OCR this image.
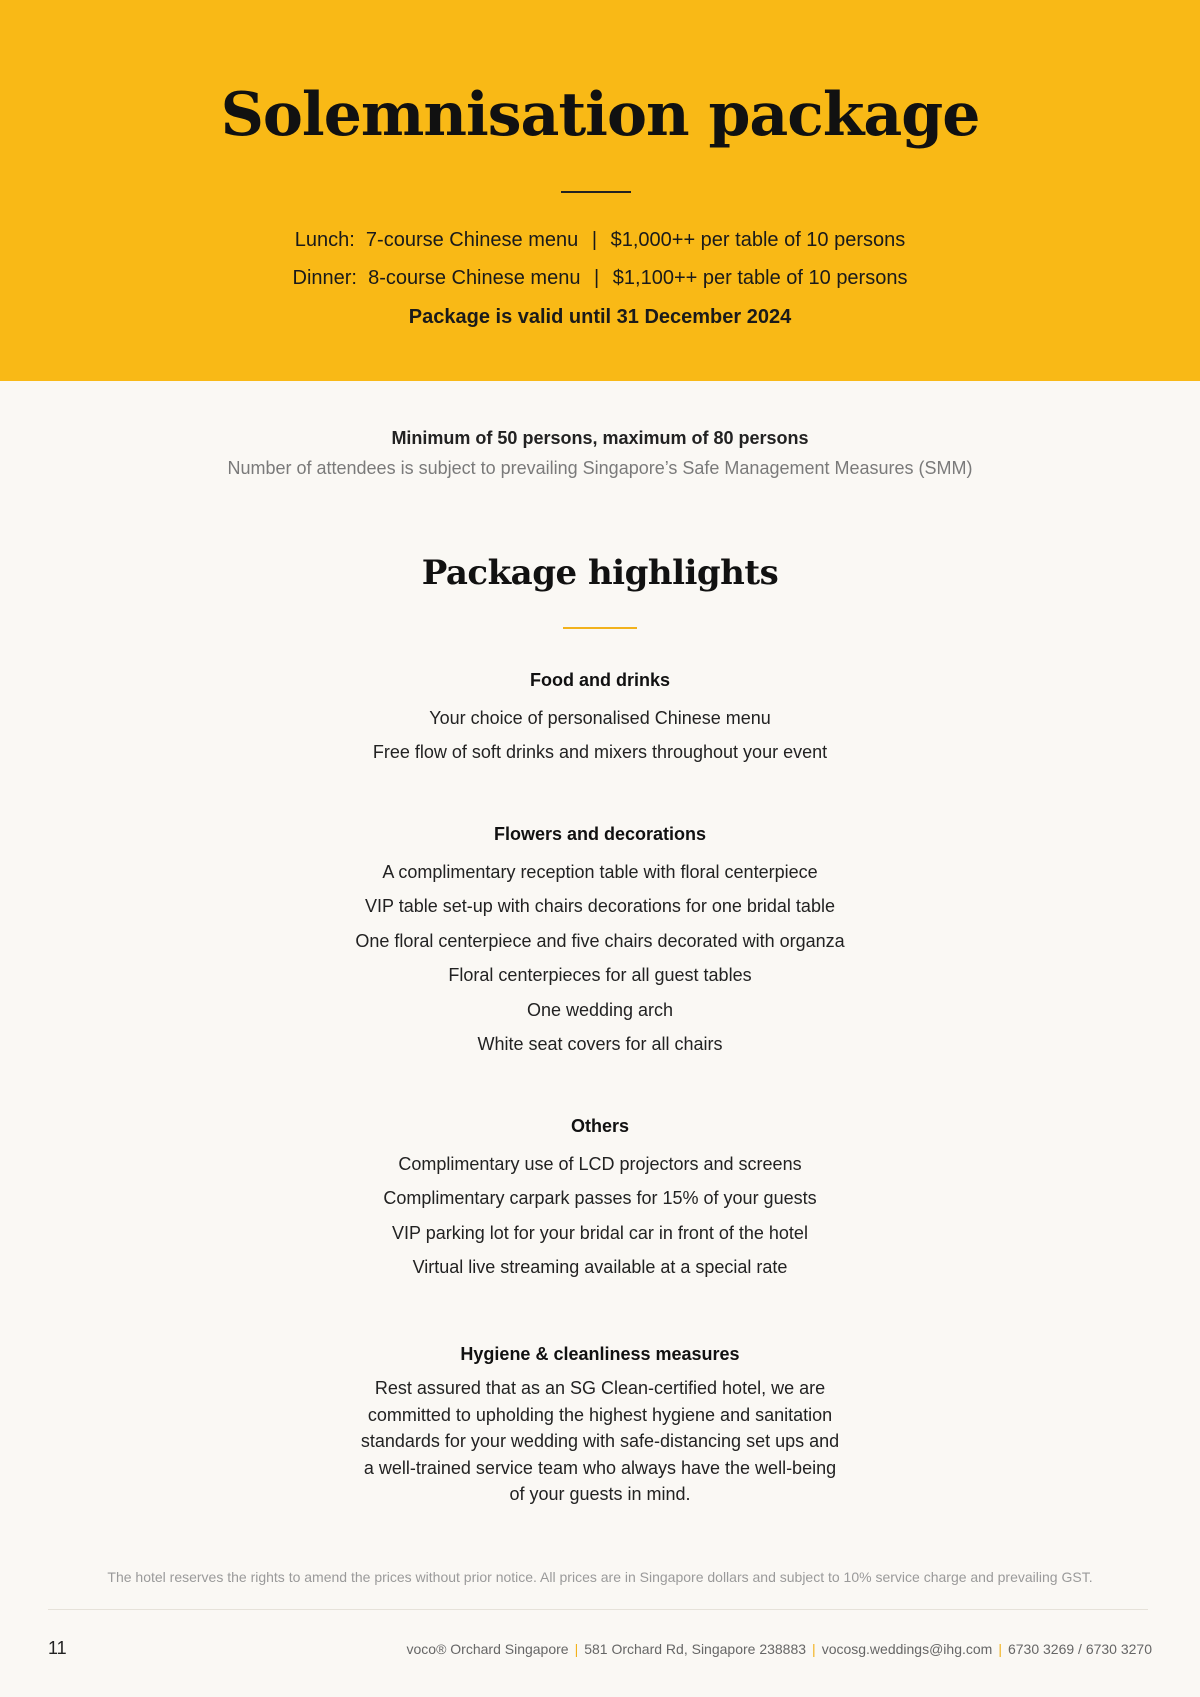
Solemnisation package
Lunch: 7-course Chinese menu | $1,000++ per table of 10 persons
Dinner: 8-course Chinese menu | $1,100++ per table of 10 persons
Package is valid until 31 December 2024
Minimum of 50 persons, maximum of 80 persons
Number of attendees is subject to prevailing Singapore’s Safe Management Measures (SMM)
Package highlights
Food and drinks
Your choice of personalised Chinese menu
Free flow of soft drinks and mixers throughout your event
Flowers and decorations
A complimentary reception table with floral centerpiece
VIP table set-up with chairs decorations for one bridal table
One floral centerpiece and five chairs decorated with organza
Floral centerpieces for all guest tables
One wedding arch
White seat covers for all chairs
Others
Complimentary use of LCD projectors and screens
Complimentary carpark passes for 15% of your guests
VIP parking lot for your bridal car in front of the hotel
Virtual live streaming available at a special rate
Hygiene & cleanliness measures
Rest assured that as an SG Clean-certified hotel, we are committed to upholding the highest hygiene and sanitation standards for your wedding with safe-distancing set ups and a well-trained service team who always have the well-being of your guests in mind.
The hotel reserves the rights to amend the prices without prior notice. All prices are in Singapore dollars and subject to 10% service charge and prevailing GST.
11	voco® Orchard Singapore | 581 Orchard Rd, Singapore 238883 | vocosg.weddings@ihg.com | 6730 3269 / 6730 3270
